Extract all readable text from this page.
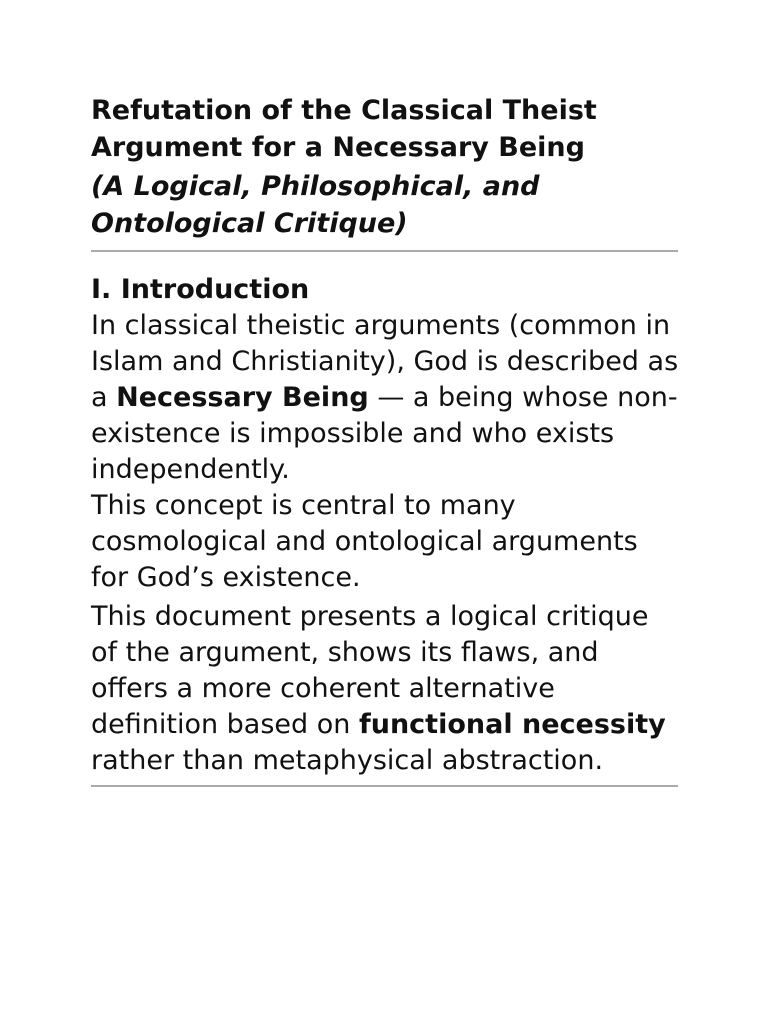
Refutation of the Classical Theist Argument for a Necessary Being

(A Logical, Philosophical, and Ontological Critique)

I. Introduction

In classical theistic arguments (common in Islam and Christianity), God is described as a Necessary Being — a being whose non-existence is impossible and who exists independently.

This concept is central to many cosmological and ontological arguments for God’s existence.

This document presents a logical critique of the argument, shows its flaws, and offers a more coherent alternative definition based on functional necessity rather than metaphysical abstraction.
